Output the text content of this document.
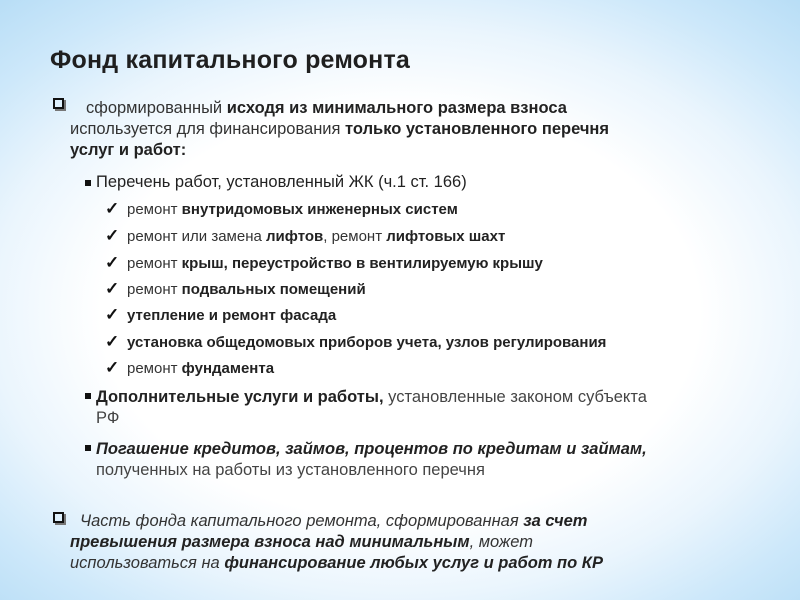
Фонд капитального ремонта
сформированный исходя из минимального размера взноса
используется для финансирования только установленного перечня
услуг и работ:
Перечень работ, установленный ЖК (ч.1 ст. 166)
✓ ремонт внутридомовых инженерных систем
✓ ремонт или замена лифтов, ремонт лифтовых шахт
✓ ремонт крыш, переустройство в вентилируемую крышу
✓ ремонт подвальных помещений
✓ утепление и ремонт фасада
✓ установка общедомовых приборов учета, узлов регулирования
✓ ремонт фундамента
Дополнительные услуги и работы, установленные законом субъекта
РФ
Погашение кредитов, займов, процентов по кредитам и займам,
полученных на работы из установленного перечня
Часть фонда капитального ремонта, сформированная за счет
превышения размера взноса над минимальным, может
использоваться на финансирование любых услуг и работ по КР
